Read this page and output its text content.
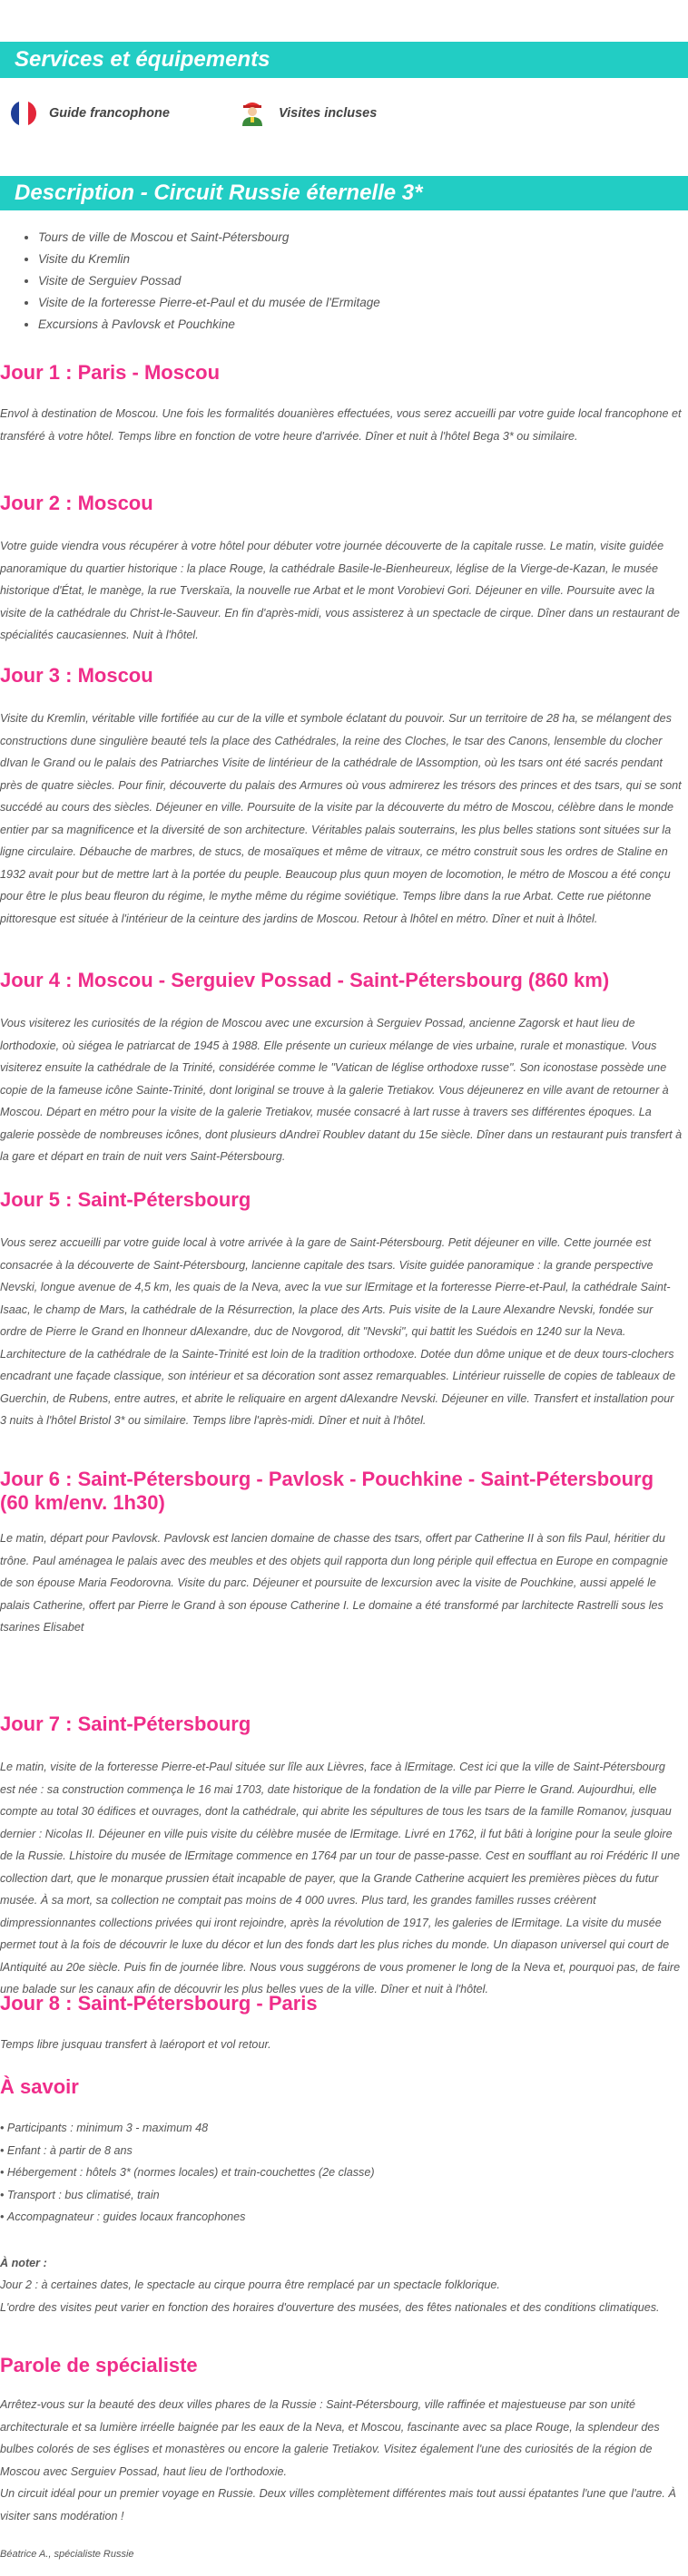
Services et équipements
Guide francophone	Visites incluses
Description - Circuit Russie éternelle 3*
• Tours de ville de Moscou et Saint-Pétersbourg
• Visite du Kremlin
• Visite de Serguiev Possad
• Visite de la forteresse Pierre-et-Paul et du musée de l'Ermitage
• Excursions à Pavlovsk et Pouchkine
Jour 1 : Paris - Moscou

Envol à destination de Moscou. Une fois les formalités douanières effectuées, vous serez accueilli par votre guide local francophone et transféré à votre hôtel. Temps libre en fonction de votre heure d'arrivée. Dîner et nuit à l'hôtel Bega 3* ou similaire.

Jour 2 : Moscou

Votre guide viendra vous récupérer à votre hôtel pour débuter votre journée découverte de la capitale russe. Le matin, visite guidée panoramique du quartier historique : la place Rouge, la cathédrale Basile-le-Bienheureux, léglise de la Vierge-de-Kazan, le musée historique d'État, le manège, la rue Tverskaïa, la nouvelle rue Arbat et le mont Vorobievi Gori. Déjeuner en ville. Poursuite avec la visite de la cathédrale du Christ-le-Sauveur. En fin d'après-midi, vous assisterez à un spectacle de cirque. Dîner dans un restaurant de spécialités caucasiennes. Nuit à l'hôtel.

Jour 3 : Moscou

Visite du Kremlin, véritable ville fortifiée au cur de la ville et symbole éclatant du pouvoir. Sur un territoire de 28 ha, se mélangent des constructions dune singulière beauté tels la place des Cathédrales, la reine des Cloches, le tsar des Canons, lensemble du clocher dIvan le Grand ou le palais des Patriarches Visite de lintérieur de la cathédrale de lAssomption, où les tsars ont été sacrés pendant près de quatre siècles. Pour finir, découverte du palais des Armures où vous admirerez les trésors des princes et des tsars, qui se sont succédé au cours des siècles. Déjeuner en ville. Poursuite de la visite par la découverte du métro de Moscou, célèbre dans le monde entier par sa magnificence et la diversité de son architecture. Véritables palais souterrains, les plus belles stations sont situées sur la ligne circulaire. Débauche de marbres, de stucs, de mosaïques et même de vitraux, ce métro construit sous les ordres de Staline en 1932 avait pour but de mettre lart à la portée du peuple. Beaucoup plus quun moyen de locomotion, le métro de Moscou a été conçu pour être le plus beau fleuron du régime, le mythe même du régime soviétique. Temps libre dans la rue Arbat. Cette rue piétonne pittoresque est située à l'intérieur de la ceinture des jardins de Moscou. Retour à lhôtel en métro. Dîner et nuit à lhôtel.

Jour 4 : Moscou - Serguiev Possad - Saint-Pétersbourg (860 km)

Vous visiterez les curiosités de la région de Moscou avec une excursion à Serguiev Possad, ancienne Zagorsk et haut lieu de lorthodoxie, où siégea le patriarcat de 1945 à 1988. Elle présente un curieux mélange de vies urbaine, rurale et monastique. Vous visiterez ensuite la cathédrale de la Trinité, considérée comme le "Vatican de léglise orthodoxe russe". Son iconostase possède une copie de la fameuse icône Sainte-Trinité, dont loriginal se trouve à la galerie Tretiakov. Vous déjeunerez en ville avant de retourner à Moscou. Départ en métro pour la visite de la galerie Tretiakov, musée consacré à lart russe à travers ses différentes époques. La galerie possède de nombreuses icônes, dont plusieurs dAndreï Roublev datant du 15e siècle. Dîner dans un restaurant puis transfert à la gare et départ en train de nuit vers Saint-Pétersbourg.

Jour 5 : Saint-Pétersbourg

Vous serez accueilli par votre guide local à votre arrivée à la gare de Saint-Pétersbourg. Petit déjeuner en ville. Cette journée est consacrée à la découverte de Saint-Pétersbourg, lancienne capitale des tsars. Visite guidée panoramique : la grande perspective Nevski, longue avenue de 4,5 km, les quais de la Neva, avec la vue sur lErmitage et la forteresse Pierre-et-Paul, la cathédrale Saint-Isaac, le champ de Mars, la cathédrale de la Résurrection, la place des Arts. Puis visite de la Laure Alexandre Nevski, fondée sur ordre de Pierre le Grand en lhonneur dAlexandre, duc de Novgorod, dit "Nevski", qui battit les Suédois en 1240 sur la Neva. Larchitecture de la cathédrale de la Sainte-Trinité est loin de la tradition orthodoxe. Dotée dun dôme unique et de deux tours-clochers encadrant une façade classique, son intérieur et sa décoration sont assez remarquables. Lintérieur ruisselle de copies de tableaux de Guerchin, de Rubens, entre autres, et abrite le reliquaire en argent dAlexandre Nevski. Déjeuner en ville. Transfert et installation pour 3 nuits à l'hôtel Bristol 3* ou similaire. Temps libre l'après-midi. Dîner et nuit à l'hôtel.

Jour 6 : Saint-Pétersbourg - Pavlosk - Pouchkine - Saint-Pétersbourg (60 km/env. 1h30)

Le matin, départ pour Pavlovsk. Pavlovsk est lancien domaine de chasse des tsars, offert par Catherine II à son fils Paul, héritier du trône. Paul aménagea le palais avec des meubles et des objets quil rapporta dun long périple quil effectua en Europe en compagnie de son épouse Maria Feodorovna. Visite du parc. Déjeuner et poursuite de lexcursion avec la visite de Pouchkine, aussi appelé le palais Catherine, offert par Pierre le Grand à son épouse Catherine I. Le domaine a été transformé par larchitecte Rastrelli sous les tsarines Elisabet

Jour 7 : Saint-Pétersbourg

Le matin, visite de la forteresse Pierre-et-Paul située sur lîle aux Lièvres, face à lErmitage. Cest ici que la ville de Saint-Pétersbourg est née : sa construction commença le 16 mai 1703, date historique de la fondation de la ville par Pierre le Grand. Aujourdhui, elle compte au total 30 édifices et ouvrages, dont la cathédrale, qui abrite les sépultures de tous les tsars de la famille Romanov, jusquau dernier : Nicolas II. Déjeuner en ville puis visite du célèbre musée de lErmitage. Livré en 1762, il fut bâti à lorigine pour la seule gloire de la Russie. Lhistoire du musée de lErmitage commence en 1764 par un tour de passe-passe. Cest en soufflant au roi Frédéric II une collection dart, que le monarque prussien était incapable de payer, que la Grande Catherine acquiert les premières pièces du futur musée. À sa mort, sa collection ne comptait pas moins de 4 000 uvres. Plus tard, les grandes familles russes créèrent dimpressionnantes collections privées qui iront rejoindre, après la révolution de 1917, les galeries de lErmitage. La visite du musée permet tout à la fois de découvrir le luxe du décor et lun des fonds dart les plus riches du monde. Un diapason universel qui court de lAntiquité au 20e siècle. Puis fin de journée libre. Nous vous suggérons de vous promener le long de la Neva et, pourquoi pas, de faire une balade sur les canaux afin de découvrir les plus belles vues de la ville. Dîner et nuit à l'hôtel.

Jour 8 : Saint-Pétersbourg - Paris

Temps libre jusquau transfert à laéroport et vol retour.

À savoir
• Participants : minimum 3 - maximum 48
• Enfant : à partir de 8 ans
• Hébergement : hôtels 3* (normes locales) et train-couchettes (2e classe)
• Transport : bus climatisé, train
• Accompagnateur : guides locaux francophones

À noter :

Jour 2 : à certaines dates, le spectacle au cirque pourra être remplacé par un spectacle folklorique.

L'ordre des visites peut varier en fonction des horaires d'ouverture des musées, des fêtes nationales et des conditions climatiques.

Parole de spécialiste

Arrêtez-vous sur la beauté des deux villes phares de la Russie : Saint-Pétersbourg, ville raffinée et majestueuse par son unité architecturale et sa lumière irréelle baignée par les eaux de la Neva, et Moscou, fascinante avec sa place Rouge, la splendeur des bulbes colorés de ses églises et monastères ou encore la galerie Tretiakov. Visitez également l'une des curiosités de la région de Moscou avec Serguiev Possad, haut lieu de l'orthodoxie.

Un circuit idéal pour un premier voyage en Russie. Deux villes complètement différentes mais tout aussi épatantes l'une que l'autre. À visiter sans modération !

Béatrice A., spécialiste Russie
